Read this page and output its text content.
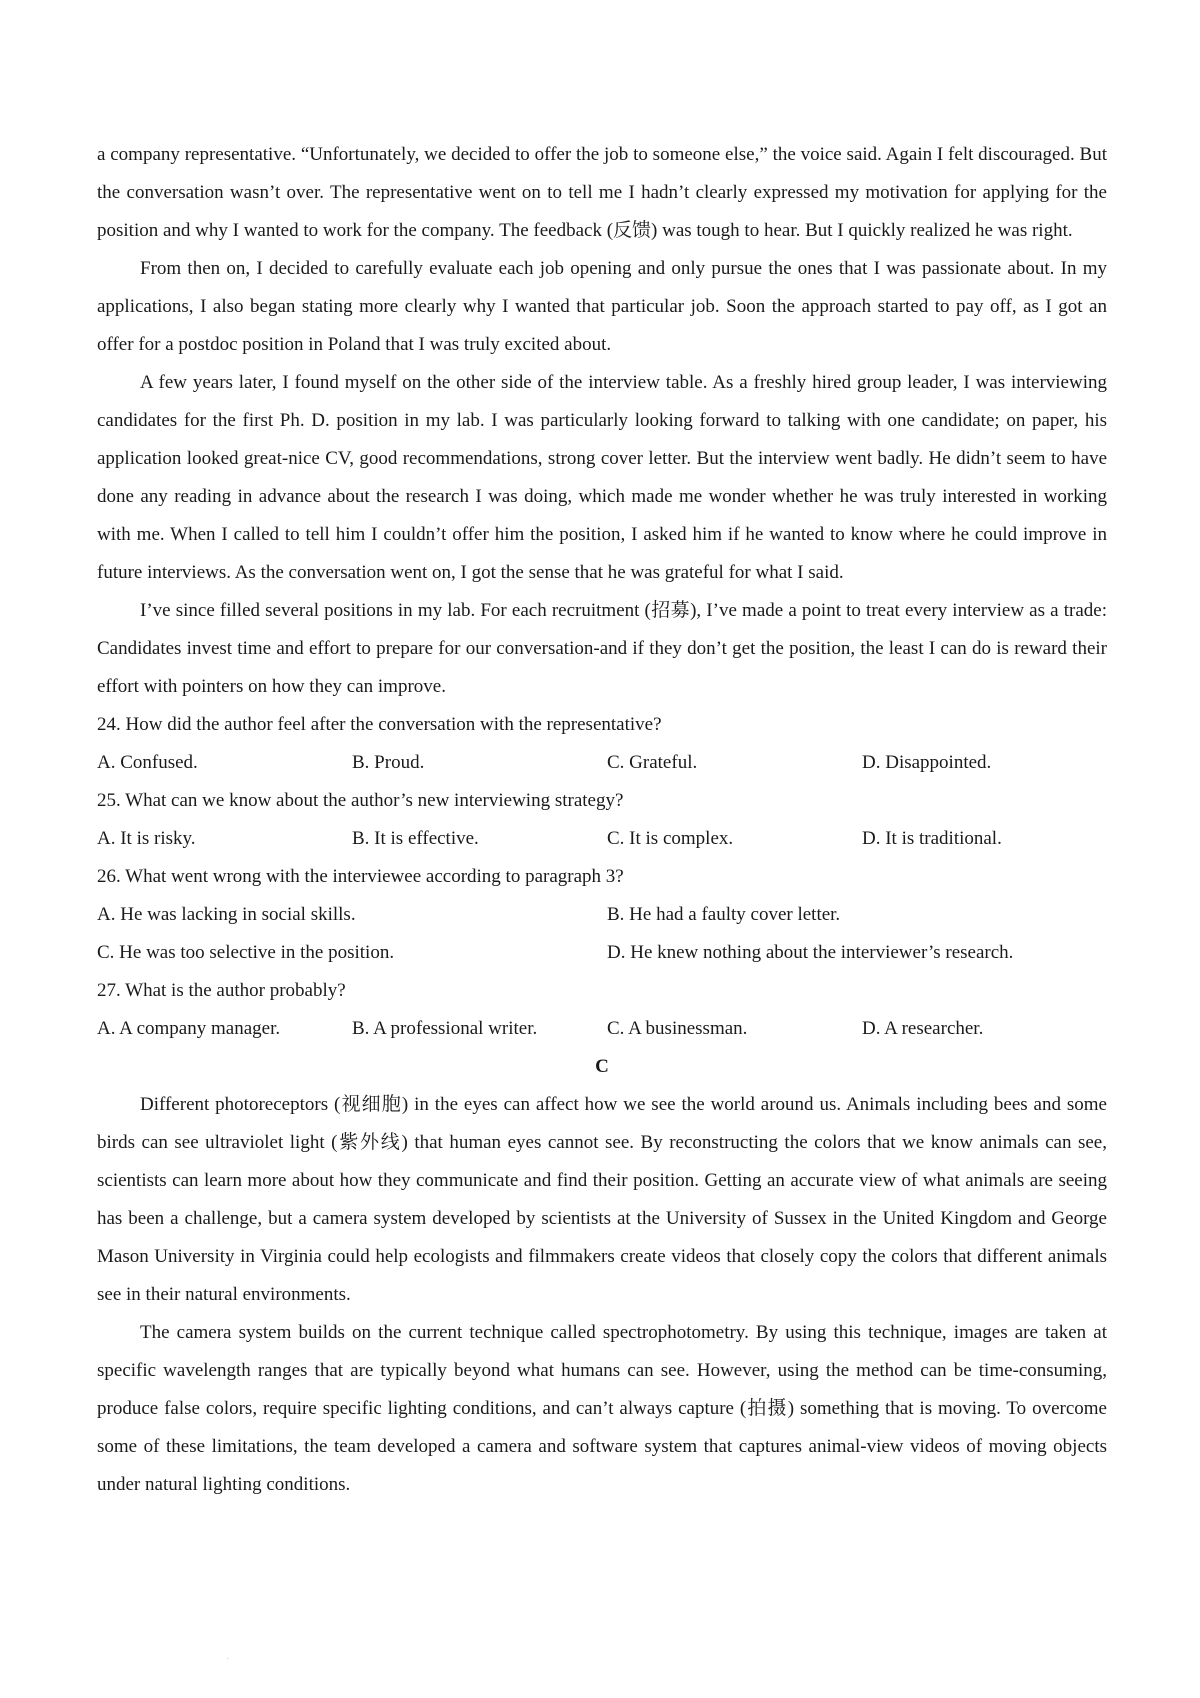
a company representative. “Unfortunately, we decided to offer the job to someone else,” the voice said. Again I felt discouraged. But the conversation wasn’t over. The representative went on to tell me I hadn’t clearly expressed my motivation for applying for the position and why I wanted to work for the company. The feedback (反馈) was tough to hear. But I quickly realized he was right.

From then on, I decided to carefully evaluate each job opening and only pursue the ones that I was passionate about. In my applications, I also began stating more clearly why I wanted that particular job. Soon the approach started to pay off, as I got an offer for a postdoc position in Poland that I was truly excited about.

A few years later, I found myself on the other side of the interview table. As a freshly hired group leader, I was interviewing candidates for the first Ph. D. position in my lab. I was particularly looking forward to talking with one candidate; on paper, his application looked great-nice CV, good recommendations, strong cover letter. But the interview went badly. He didn’t seem to have done any reading in advance about the research I was doing, which made me wonder whether he was truly interested in working with me. When I called to tell him I couldn’t offer him the position, I asked him if he wanted to know where he could improve in future interviews. As the conversation went on, I got the sense that he was grateful for what I said.

I’ve since filled several positions in my lab. For each recruitment (招募), I’ve made a point to treat every interview as a trade: Candidates invest time and effort to prepare for our conversation-and if they don’t get the position, the least I can do is reward their effort with pointers on how they can improve.

24. How did the author feel after the conversation with the representative?

A. Confused.	B. Proud.	C. Grateful.	D. Disappointed.

25. What can we know about the author’s new interviewing strategy?

A. It is risky.	B. It is effective.	C. It is complex.	D. It is traditional.

26. What went wrong with the interviewee according to paragraph 3?

A. He was lacking in social skills.	B. He had a faulty cover letter.
C. He was too selective in the position.	D. He knew nothing about the interviewer’s research.

27. What is the author probably?

A. A company manager.	B. A professional writer.	C. A businessman.	D. A researcher.

C

Different photoreceptors (视细胞) in the eyes can affect how we see the world around us. Animals including bees and some birds can see ultraviolet light (紫外线) that human eyes cannot see. By reconstructing the colors that we know animals can see, scientists can learn more about how they communicate and find their position. Getting an accurate view of what animals are seeing has been a challenge, but a camera system developed by scientists at the University of Sussex in the United Kingdom and George Mason University in Virginia could help ecologists and filmmakers create videos that closely copy the colors that different animals see in their natural environments.

The camera system builds on the current technique called spectrophotometry. By using this technique, images are taken at specific wavelength ranges that are typically beyond what humans can see. However, using the method can be time-consuming, produce false colors, require specific lighting conditions, and can’t always capture (拍摄) something that is moving. To overcome some of these limitations, the team developed a camera and software system that captures animal-view videos of moving objects under natural lighting conditions.

·
